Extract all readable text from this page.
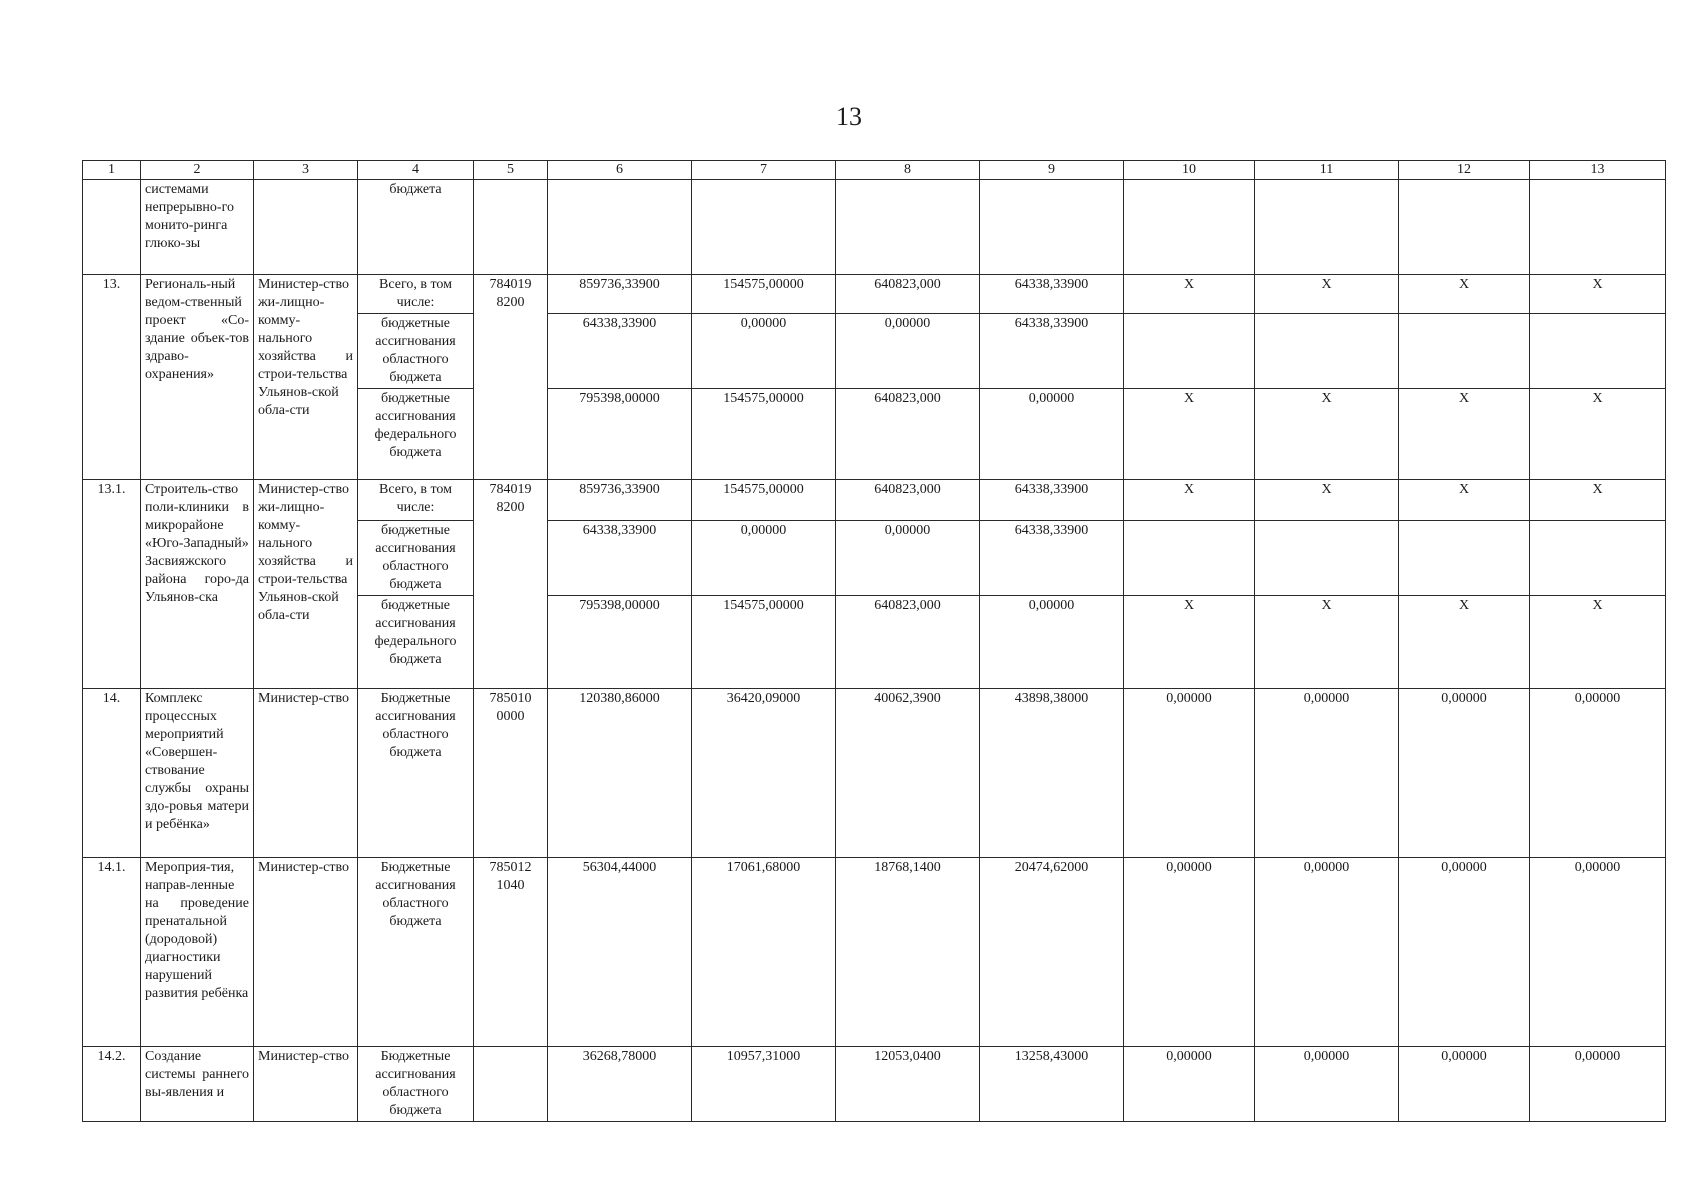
13
1	2	3	4	5	6	7	8	9	10	11	12	13
	системами непрерывно-го монито-ринга глюко-зы		бюджета									
13.	Региональ-ный ведом-ственный проект «Со-здание объек-тов здраво-охранения»	Министер-ство жи-лищно-комму-нального хозяйства и строи-тельства Ульянов-ской обла-сти	Всего, в том числе:	784019 8200	859736,33900	154575,00000	640823,000	64338,33900	X	X	X	X
			бюджетные ассигнования областного бюджета		64338,33900	0,00000	0,00000	64338,33900				
			бюджетные ассигнования федерального бюджета		795398,00000	154575,00000	640823,000	0,00000	X	X	X	X
13.1.	Строитель-ство поли-клиники в микрорайоне «Юго-Западный» Засвияжского района горо-да Ульянов-ска	Министер-ство жи-лищно-комму-нального хозяйства и строи-тельства Ульянов-ской обла-сти	Всего, в том числе:	784019 8200	859736,33900	154575,00000	640823,000	64338,33900	X	X	X	X
			бюджетные ассигнования областного бюджета		64338,33900	0,00000	0,00000	64338,33900				
			бюджетные ассигнования федерального бюджета		795398,00000	154575,00000	640823,000	0,00000	X	X	X	X
14.	Комплекс процессных мероприятий «Совершен-ствование службы охраны здо-ровья матери и ребёнка»	Министер-ство	Бюджетные ассигнования областного бюджета	785010 0000	120380,86000	36420,09000	40062,3900	43898,38000	0,00000	0,00000	0,00000	0,00000
14.1.	Мероприя-тия, направ-ленные на проведение пренатальной (дородовой) диагностики нарушений развития ребёнка	Министер-ство	Бюджетные ассигнования областного бюджета	785012 1040	56304,44000	17061,68000	18768,1400	20474,62000	0,00000	0,00000	0,00000	0,00000
14.2.	Создание системы раннего вы-явления и	Министер-ство	Бюджетные ассигнования областного бюджета		36268,78000	10957,31000	12053,0400	13258,43000	0,00000	0,00000	0,00000	0,00000
